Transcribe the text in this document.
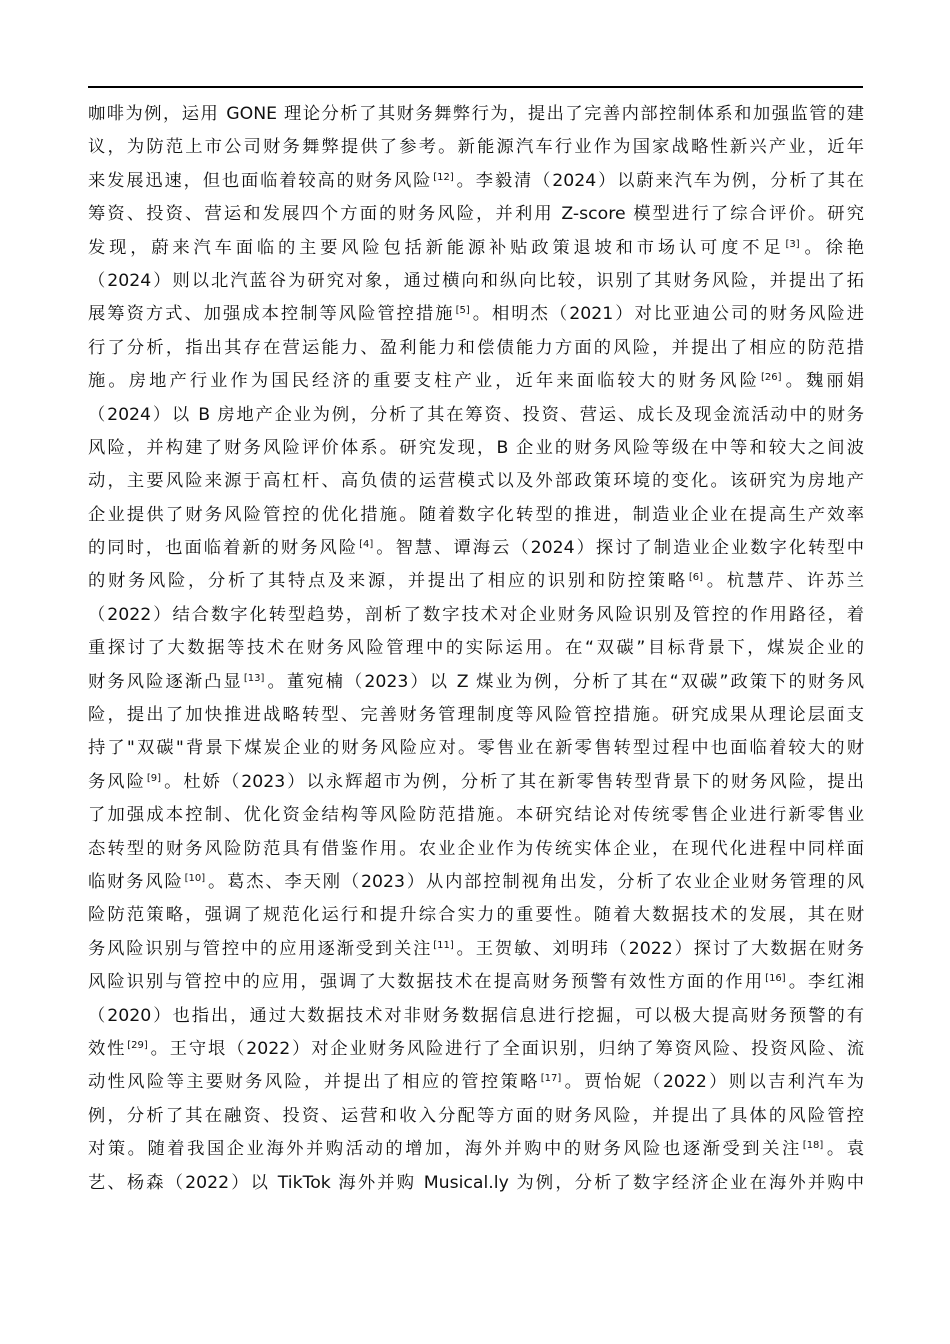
咖啡为例，运用 GONE 理论分析了其财务舞弊行为，提出了完善内部控制体系和加强监管的建
议，为防范上市公司财务舞弊提供了参考。新能源汽车行业作为国家战略性新兴产业，近年
来发展迅速，但也面临着较高的财务风险[12]。李毅清（2024）以蔚来汽车为例，分析了其在
筹资、投资、营运和发展四个方面的财务风险，并利用 Z-score 模型进行了综合评价。研究
发现，蔚来汽车面临的主要风险包括新能源补贴政策退坡和市场认可度不足[3]。徐艳
（2024）则以北汽蓝谷为研究对象，通过横向和纵向比较，识别了其财务风险，并提出了拓
展筹资方式、加强成本控制等风险管控措施[5]。相明杰（2021）对比亚迪公司的财务风险进
行了分析，指出其存在营运能力、盈利能力和偿债能力方面的风险，并提出了相应的防范措
施。房地产行业作为国民经济的重要支柱产业，近年来面临较大的财务风险[26]。魏丽娟
（2024）以 B 房地产企业为例，分析了其在筹资、投资、营运、成长及现金流活动中的财务
风险，并构建了财务风险评价体系。研究发现，B 企业的财务风险等级在中等和较大之间波
动，主要风险来源于高杠杆、高负债的运营模式以及外部政策环境的变化。该研究为房地产
企业提供了财务风险管控的优化措施。随着数字化转型的推进，制造业企业在提高生产效率
的同时，也面临着新的财务风险[4]。智慧、谭海云（2024）探讨了制造业企业数字化转型中
的财务风险，分析了其特点及来源，并提出了相应的识别和防控策略[6]。杭慧芹、许苏兰
（2022）结合数字化转型趋势，剖析了数字技术对企业财务风险识别及管控的作用路径，着
重探讨了大数据等技术在财务风险管理中的实际运用。在“双碳”目标背景下，煤炭企业的
财务风险逐渐凸显[13]。董宛楠（2023）以 Z 煤业为例，分析了其在“双碳”政策下的财务风
险，提出了加快推进战略转型、完善财务管理制度等风险管控措施。研究成果从理论层面支
持了"双碳"背景下煤炭企业的财务风险应对。零售业在新零售转型过程中也面临着较大的财
务风险[9]。杜娇（2023）以永辉超市为例，分析了其在新零售转型背景下的财务风险，提出
了加强成本控制、优化资金结构等风险防范措施。本研究结论对传统零售企业进行新零售业
态转型的财务风险防范具有借鉴作用。农业企业作为传统实体企业，在现代化进程中同样面
临财务风险[10]。葛杰、李天刚（2023）从内部控制视角出发，分析了农业企业财务管理的风
险防范策略，强调了规范化运行和提升综合实力的重要性。随着大数据技术的发展，其在财
务风险识别与管控中的应用逐渐受到关注[11]。王贺敏、刘明玮（2022）探讨了大数据在财务
风险识别与管控中的应用，强调了大数据技术在提高财务预警有效性方面的作用[16]。李红湘
（2020）也指出，通过大数据技术对非财务数据信息进行挖掘，可以极大提高财务预警的有
效性[29]。王守垠（2022）对企业财务风险进行了全面识别，归纳了筹资风险、投资风险、流
动性风险等主要财务风险，并提出了相应的管控策略[17]。贾怡妮（2022）则以吉利汽车为
例，分析了其在融资、投资、运营和收入分配等方面的财务风险，并提出了具体的风险管控
对策。随着我国企业海外并购活动的增加，海外并购中的财务风险也逐渐受到关注[18]。袁
艺、杨森（2022）以 TikTok 海外并购 Musical.ly 为例，分析了数字经济企业在海外并购中
